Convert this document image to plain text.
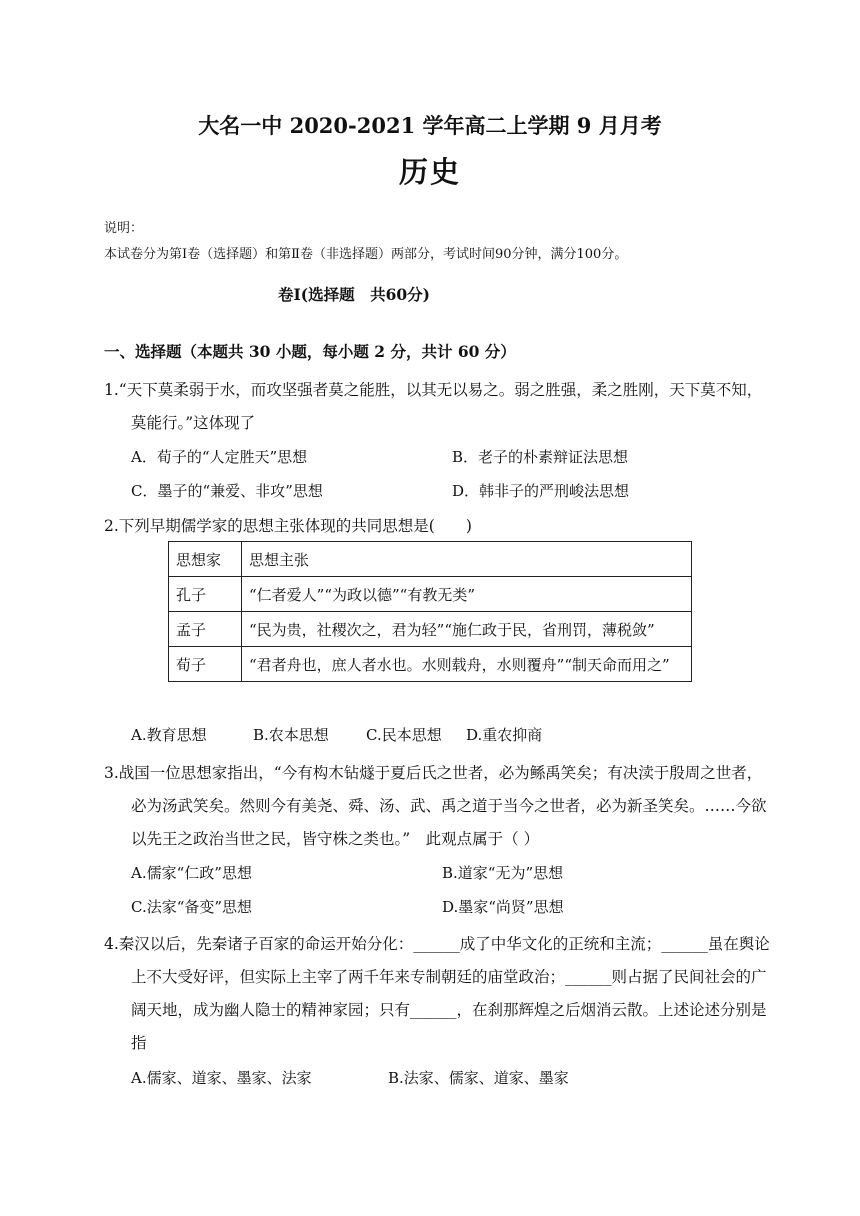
大名一中 2020-2021 学年高二上学期 9 月月考
历史
说明：
本试卷分为第Ⅰ卷（选择题）和第Ⅱ卷（非选择题）两部分，考试时间90分钟，满分100分。
卷Ⅰ(选择题　共60分)
一、选择题（本题共 30 小题，每小题 2 分，共计 60 分）
1.“天下莫柔弱于水，而攻坚强者莫之能胜，以其无以易之。弱之胜强，柔之胜刚，天下莫不知，
莫能行。”这体现了
A．荀子的“人定胜天”思想	B．老子的朴素辩证法思想
C．墨子的“兼爱、非攻”思想	D．韩非子的严刑峻法思想
2.下列早期儒学家的思想主张体现的共同思想是(　　)
思想家	思想主张
孔子	“仁者爱人”“为政以德”“有教无类”
孟子	“民为贵，社稷次之，君为轻”“施仁政于民，省刑罚，薄税敛”
荀子	“君者舟也，庶人者水也。水则载舟，水则覆舟”“制天命而用之”
A.教育思想	B.农本思想 C.民本思想 D.重农抑商
3.战国一位思想家指出，“今有构木钻燧于夏后氏之世者，必为鲧禹笑矣；有决渎于殷周之世者，
必为汤武笑矣。然则今有美尧、舜、汤、武、禹之道于当今之世者，必为新圣笑矣。……今欲
以先王之政治当世之民，皆守株之类也。”　此观点属于（ ）
A.儒家“仁政”思想	B.道家“无为”思想
C.法家“备变”思想	D.墨家“尚贤”思想
4.秦汉以后，先秦诸子百家的命运开始分化：______成了中华文化的正统和主流；______虽在舆论
上不大受好评，但实际上主宰了两千年来专制朝廷的庙堂政治；______则占据了民间社会的广
阔天地，成为幽人隐士的精神家园；只有______，在刹那辉煌之后烟消云散。上述论述分别是
指
A.儒家、道家、墨家、法家	B.法家、儒家、道家、墨家
